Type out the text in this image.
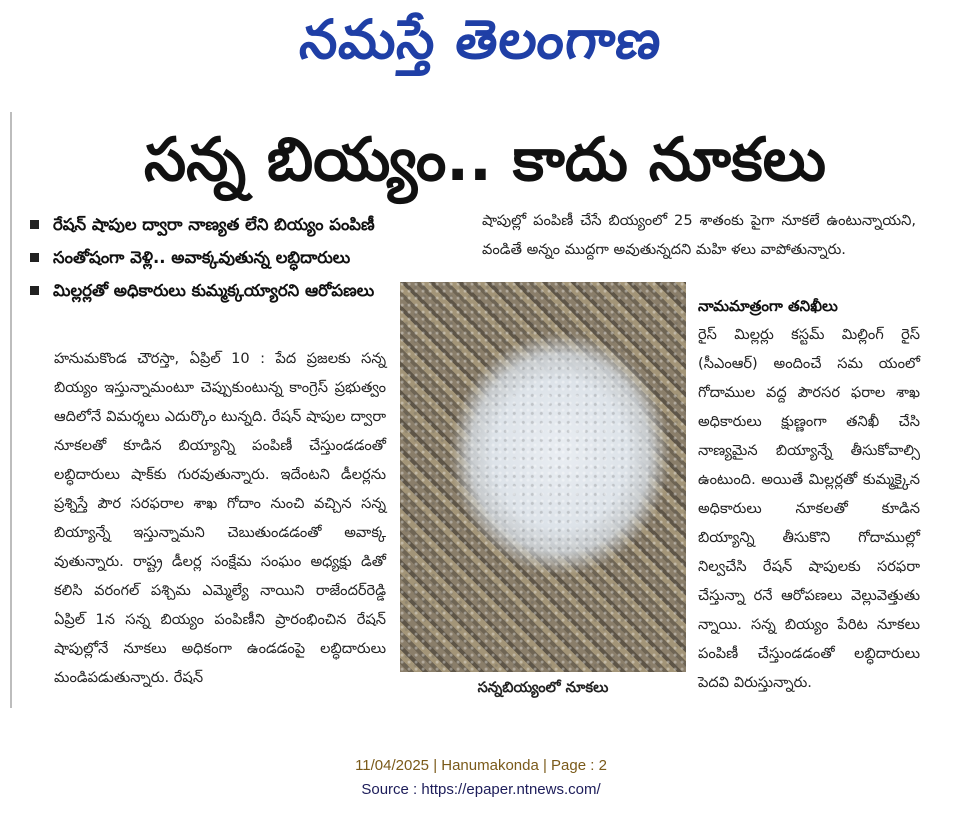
నమస్తే తెలంగాణ
సన్న బియ్యం.. కాదు నూకలు
రేషన్ షాపుల ద్వారా నాణ్యత లేని బియ్యం పంపిణీ
సంతోషంగా వెళ్లి.. అవాక్కవుతున్న లబ్ధిదారులు
మిల్లర్లతో అధికారులు కుమ్మక్కయ్యారని ఆరోపణలు
హనుమకొండ చౌరస్తా, ఏప్రిల్ 10 : పేద ప్రజలకు సన్న బియ్యం ఇస్తున్నామంటూ చెప్పుకుంటున్న కాంగ్రెస్ ప్రభుత్వం ఆదిలోనే విమర్శలు ఎదుర్కొం టున్నది. రేషన్ షాపుల ద్వారా నూకలతో కూడిన బియ్యాన్ని పంపిణీ చేస్తుండడంతో లబ్ధిదారులు షాక్‌కు గురవుతున్నారు. ఇదేంటని డీలర్లను ప్రశ్నిస్తే పౌర సరఫరాల శాఖ గోదాం నుంచి వచ్చిన సన్న బియ్యాన్నే ఇస్తున్నామని చెబుతుండడంతో అవాక్క వుతున్నారు. రాష్ట్ర డీలర్ల సంక్షేమ సంఘం అధ్యక్షు డితో కలిసి వరంగల్ పశ్చిమ ఎమ్మెల్యే నాయిని రాజేందర్‌రెడ్డి ఏప్రిల్ 1న సన్న బియ్యం పంపిణీని ప్రారంభించిన రేషన్ షాపుల్లోనే నూకలు అధికంగా ఉండడంపై లబ్ధిదారులు మండిపడుతున్నారు. రేషన్
షాపుల్లో పంపిణీ చేసే బియ్యంలో 25 శాతంకు పైగా నూకలే ఉంటున్నాయని, వండితే అన్నం ముద్దగా అవుతున్నదని మహి ళలు వాపోతున్నారు.
సన్నబియ్యంలో నూకలు
నామమాత్రంగా తనిఖీలు
రైస్ మిల్లర్లు కస్టమ్ మిల్లింగ్ రైస్ (సీఎంఆర్) అందించే సమ యంలో గోదాముల వద్ద పౌరసర ఫరాల శాఖ అధికారులు క్షుణ్ణంగా తనిఖీ చేసి నాణ్యమైన బియ్యాన్నే తీసుకోవాల్సి ఉంటుంది. అయితే మిల్లర్లతో కుమ్మక్కైన అధికారులు నూకలతో కూడిన బియ్యాన్ని తీసుకొని గోదాముల్లో నిల్వచేసి రేషన్ షాపులకు సరఫరా చేస్తున్నా రనే ఆరోపణలు వెల్లువెత్తుతు న్నాయి. సన్న బియ్యం పేరిట నూకలు పంపిణీ చేస్తుండడంతో లబ్ధిదారులు పెదవి విరుస్తున్నారు.
11/04/2025 | Hanumakonda | Page : 2
Source : https://epaper.ntnews.com/
